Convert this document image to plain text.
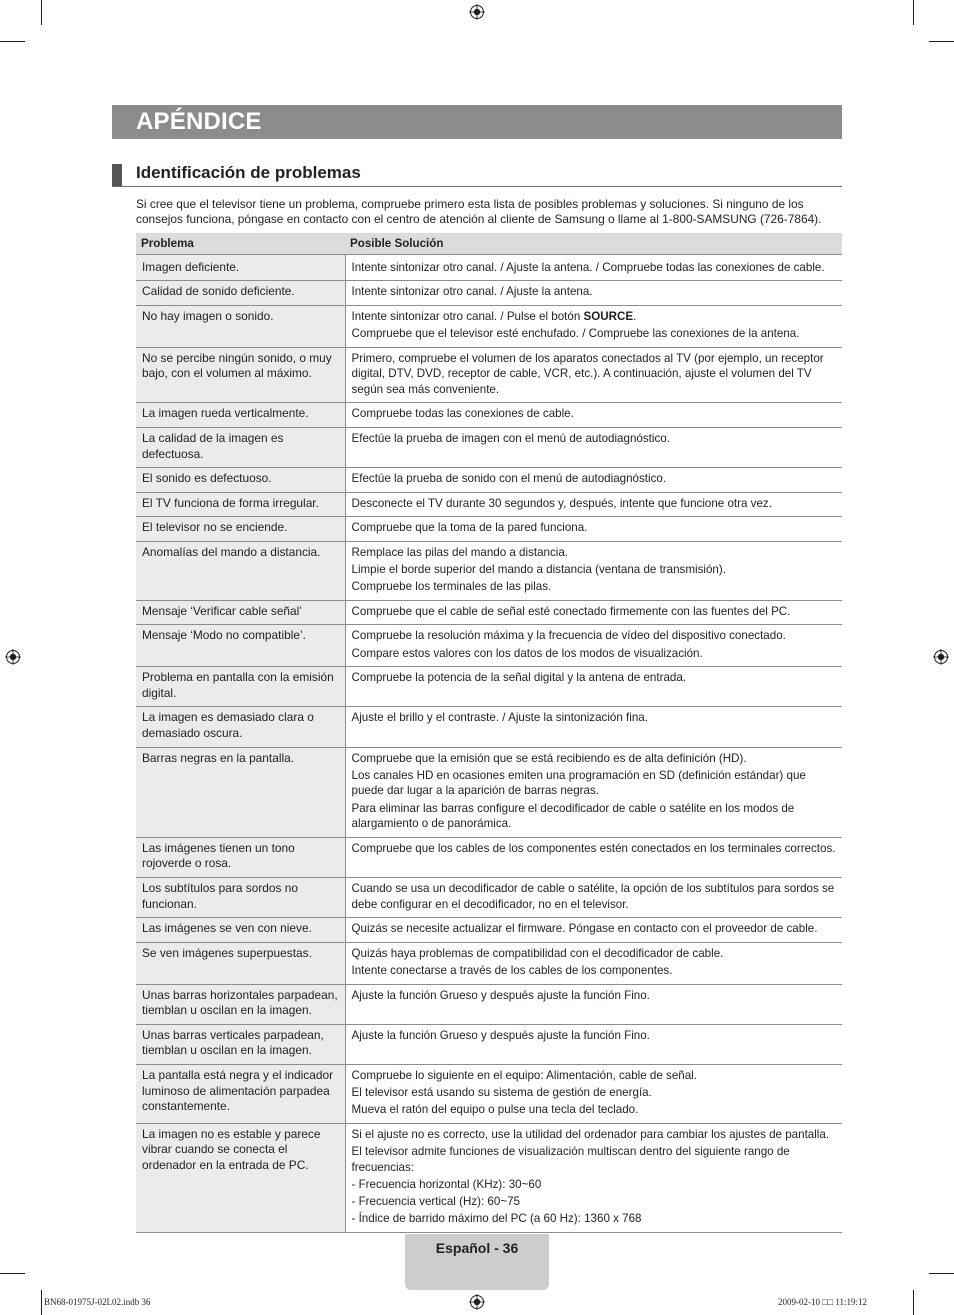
APÉNDICE
Identificación de problemas
Si cree que el televisor tiene un problema, compruebe primero esta lista de posibles problemas y soluciones. Si ninguno de los consejos funciona, póngase en contacto con el centro de atención al cliente de Samsung o llame al 1-800-SAMSUNG (726-7864).
Problema	Posible Solución
Imagen deficiente.	Intente sintonizar otro canal. / Ajuste la antena. / Compruebe todas las conexiones de cable.

Calidad de sonido deficiente.	Intente sintonizar otro canal. / Ajuste la antena.

No hay imagen o sonido.	Intente sintonizar otro canal. / Pulse el botón SOURCE.
Compruebe que el televisor esté enchufado. / Compruebe las conexiones de la antena.

No se percibe ningún sonido, o muy bajo, con el volumen al máximo.	Primero, compruebe el volumen de los aparatos conectados al TV (por ejemplo, un receptor digital, DTV, DVD, receptor de cable, VCR, etc.). A continuación, ajuste el volumen del TV según sea más conveniente.

La imagen rueda verticalmente.	Compruebe todas las conexiones de cable.

La calidad de la imagen es defectuosa.	Efectúe la prueba de imagen con el menú de autodiagnóstico.

El sonido es defectuoso.	Efectúe la prueba de sonido con el menú de autodiagnóstico.

El TV funciona de forma irregular.	Desconecte el TV durante 30 segundos y, después, intente que funcione otra vez.

El televisor no se enciende.	Compruebe que la toma de la pared funciona.

Anomalías del mando a distancia.	Remplace las pilas del mando a distancia.
Limpie el borde superior del mando a distancia (ventana de transmisión).
Compruebe los terminales de las pilas.

Mensaje ‘Verificar cable señal’	Compruebe que el cable de señal esté conectado firmemente con las fuentes del PC.

Mensaje ‘Modo no compatible’.	Compruebe la resolución máxima y la frecuencia de vídeo del dispositivo conectado.
Compare estos valores con los datos de los modos de visualización.

Problema en pantalla con la emisión digital.	Compruebe la potencia de la señal digital y la antena de entrada.

La imagen es demasiado clara o demasiado oscura.	Ajuste el brillo y el contraste. / Ajuste la sintonización fina.

Barras negras en la pantalla.	Compruebe que la emisión que se está recibiendo es de alta definición (HD).
Los canales HD en ocasiones emiten una programación en SD (definición estándar) que puede dar lugar a la aparición de barras negras.
Para eliminar las barras configure el decodificador de cable o satélite en los modos de alargamiento o de panorámica.

Las imágenes tienen un tono rojoverde o rosa.	Compruebe que los cables de los componentes estén conectados en los terminales correctos.

Los subtítulos para sordos no funcionan.	Cuando se usa un decodificador de cable o satélite, la opción de los subtítulos para sordos se debe configurar en el decodificador, no en el televisor.

Las imágenes se ven con nieve.	Quizás se necesite actualizar el firmware. Póngase en contacto con el proveedor de cable.

Se ven imágenes superpuestas.	Quizás haya problemas de compatibilidad con el decodificador de cable.
Intente conectarse a través de los cables de los componentes.

Unas barras horizontales parpadean, tiemblan u oscilan en la imagen.	Ajuste la función Grueso y después ajuste la función Fino.

Unas barras verticales parpadean, tiemblan u oscilan en la imagen.	Ajuste la función Grueso y después ajuste la función Fino.

La pantalla está negra y el indicador luminoso de alimentación parpadea constantemente.	Compruebe lo siguiente en el equipo: Alimentación, cable de señal.
El televisor está usando su sistema de gestión de energía.
Mueva el ratón del equipo o pulse una tecla del teclado.

La imagen no es estable y parece vibrar cuando se conecta el ordenador en la entrada de PC.	Si el ajuste no es correcto, use la utilidad del ordenador para cambiar los ajustes de pantalla.
El televisor admite funciones de visualización multiscan dentro del siguiente rango de frecuencias:
- Frecuencia horizontal (KHz): 30~60
- Frecuencia vertical (Hz): 60~75
- Índice de barrido máximo del PC (a 60 Hz): 1360 x 768
Español - 36
BN68-01975J-02L02.indb 36	2009-02-10 □□ 11:19:12
